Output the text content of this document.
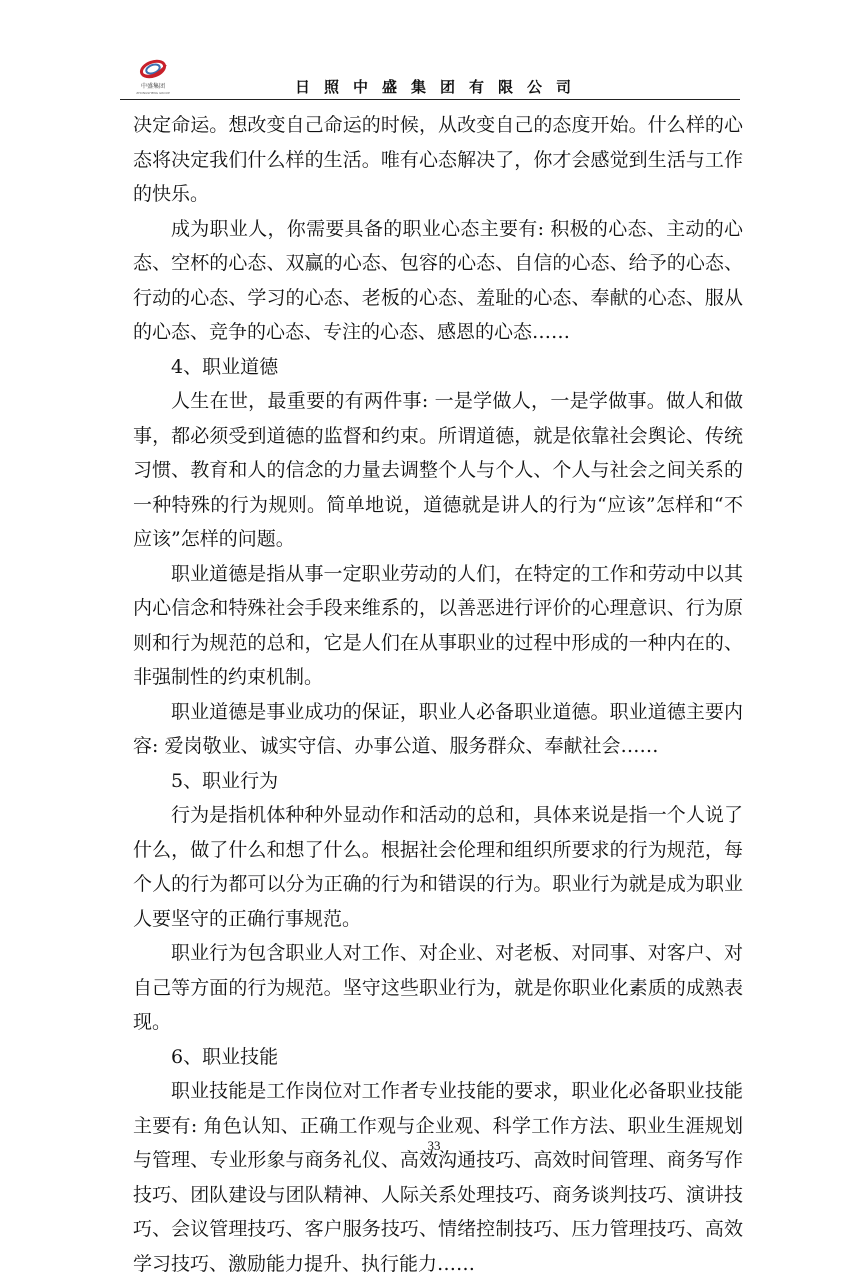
中盛集团
ZHONGSHENG GROUP	日照中盛集团有限公司

决定命运。想改变自己命运的时候，从改变自己的态度开始。什么样的心态将决定我们什么样的生活。唯有心态解决了，你才会感觉到生活与工作的快乐。

成为职业人，你需要具备的职业心态主要有: 积极的心态、主动的心态、空杯的心态、双赢的心态、包容的心态、自信的心态、给予的心态、行动的心态、学习的心态、老板的心态、羞耻的心态、奉献的心态、服从的心态、竞争的心态、专注的心态、感恩的心态……

4、职业道德

人生在世，最重要的有两件事: 一是学做人，一是学做事。做人和做事，都必须受到道德的监督和约束。所谓道德，就是依靠社会舆论、传统习惯、教育和人的信念的力量去调整个人与个人、个人与社会之间关系的一种特殊的行为规则。简单地说，道德就是讲人的行为“应该”怎样和“不应该”怎样的问题。

职业道德是指从事一定职业劳动的人们，在特定的工作和劳动中以其内心信念和特殊社会手段来维系的，以善恶进行评价的心理意识、行为原则和行为规范的总和，它是人们在从事职业的过程中形成的一种内在的、非强制性的约束机制。

职业道德是事业成功的保证，职业人必备职业道德。职业道德主要内容: 爱岗敬业、诚实守信、办事公道、服务群众、奉献社会……

5、职业行为

行为是指机体种种外显动作和活动的总和，具体来说是指一个人说了什么，做了什么和想了什么。根据社会伦理和组织所要求的行为规范，每个人的行为都可以分为正确的行为和错误的行为。职业行为就是成为职业人要坚守的正确行事规范。

职业行为包含职业人对工作、对企业、对老板、对同事、对客户、对自己等方面的行为规范。坚守这些职业行为，就是你职业化素质的成熟表现。

6、职业技能

职业技能是工作岗位对工作者专业技能的要求，职业化必备职业技能主要有: 角色认知、正确工作观与企业观、科学工作方法、职业生涯规划与管理、专业形象与商务礼仪、高效沟通技巧、高效时间管理、商务写作技巧、团队建设与团队精神、人际关系处理技巧、商务谈判技巧、演讲技巧、会议管理技巧、客户服务技巧、情绪控制技巧、压力管理技巧、高效学习技巧、激励能力提升、执行能力……

33
